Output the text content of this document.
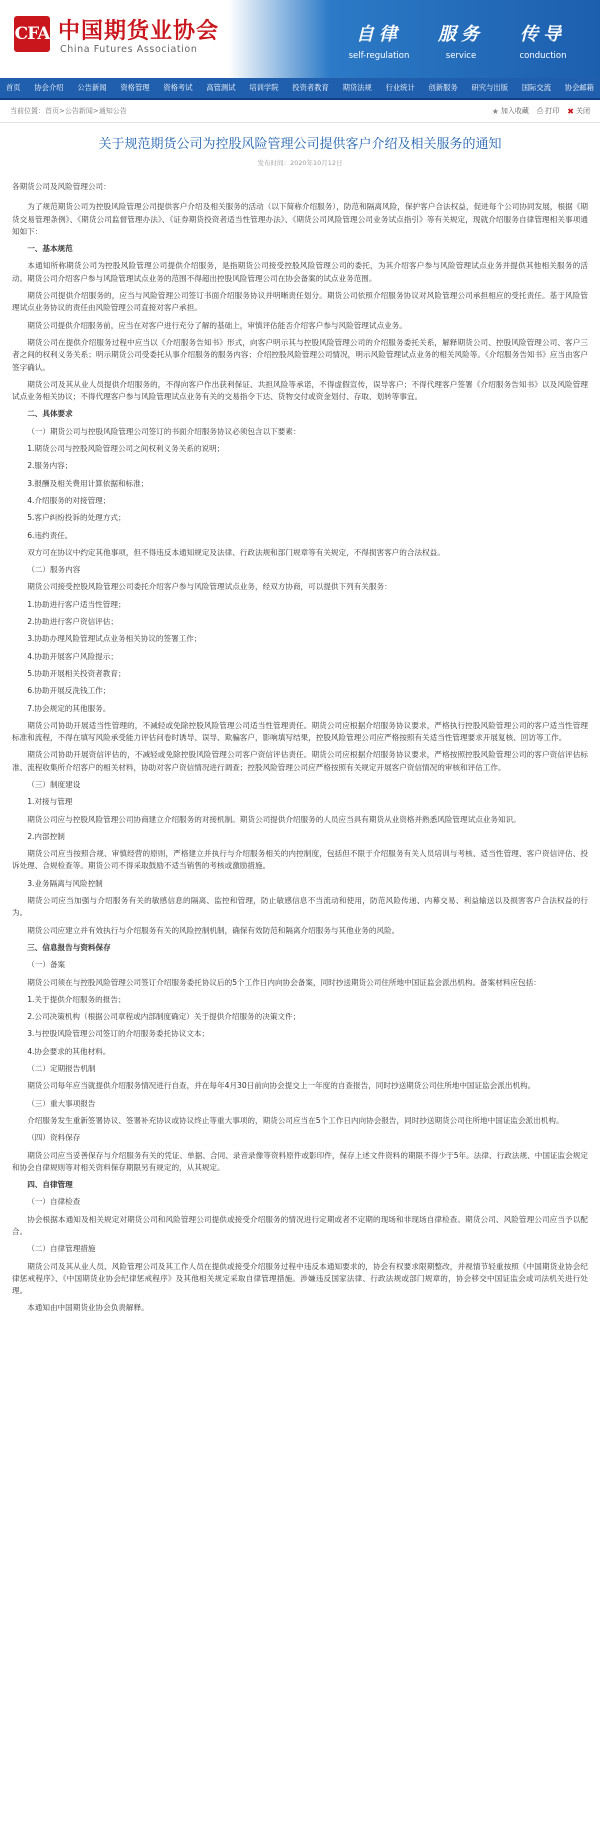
CFA 中国期货业协会
China Futures Association
自律
self-regulation
服务
service
传导
conduction
首页 协会介绍 公告新闻 资格管理 资格考试 高管测试 培训学院 投资者教育 期货法规 行业统计 创新服务 研究与出版 国际交流 协会邮箱
当前位置：首页>公告新闻>通知公告	★ 加入收藏 ⎙ 打印 ✖ 关闭
关于规范期货公司为控股风险管理公司提供客户介绍及相关服务的通知
发布时间：2020年10月12日

各期货公司及风险管理公司：

为了规范期货公司为控股风险管理公司提供客户介绍及相关服务的活动（以下简称介绍服务），防范和隔离风险，保护客户合法权益，促进每个公司协同发展，根据《期货交易管理条例》、《期货公司监督管理办法》、《证券期货投资者适当性管理办法》、《期货公司风险管理公司业务试点指引》等有关规定，现就介绍服务自律管理相关事项通知如下：

一、基本规范

本通知所称期货公司为控股风险管理公司提供介绍服务，是指期货公司接受控股风险管理公司的委托，为其介绍客户参与风险管理试点业务并提供其他相关服务的活动。期货公司介绍客户参与风险管理试点业务的范围不得超出控股风险管理公司在协会备案的试点业务范围。

期货公司提供介绍服务的，应当与风险管理公司签订书面介绍服务协议并明晰责任划分。期货公司依照介绍服务协议对风险管理公司承担相应的受托责任。基于风险管理试点业务协议的责任由风险管理公司直接对客户承担。

期货公司提供介绍服务前，应当在对客户进行充分了解的基础上，审慎评估能否介绍客户参与风险管理试点业务。

期货公司在提供介绍服务过程中应当以《介绍服务告知书》形式，向客户明示其与控股风险管理公司的介绍服务委托关系，解释期货公司、控股风险管理公司、客户三者之间的权利义务关系；明示期货公司受委托从事介绍服务的服务内容；介绍控股风险管理公司情况，明示风险管理试点业务的相关风险等。《介绍服务告知书》应当由客户签字确认。

期货公司及其从业人员提供介绍服务的，不得向客户作出获利保证、共担风险等承诺，不得虚假宣传，误导客户；不得代理客户签署《介绍服务告知书》以及风险管理试点业务相关协议；不得代理客户参与风险管理试点业务有关的交易指令下达、货物交付或资金划付、存取、划转等事宜。

二、具体要求

（一）期货公司与控股风险管理公司签订的书面介绍服务协议必须包含以下要素：

1.期货公司与控股风险管理公司之间权利义务关系的说明；

2.服务内容；

3.报酬及相关费用计算依据和标准；

4.介绍服务的对接管理；

5.客户纠纷投诉的处理方式；

6.违约责任。

双方可在协议中约定其他事项，但不得违反本通知规定及法律、行政法规和部门规章等有关规定，不得损害客户的合法权益。

（二）服务内容

期货公司接受控股风险管理公司委托介绍客户参与风险管理试点业务，经双方协商，可以提供下列有关服务：

1.协助进行客户适当性管理；

2.协助进行客户资信评估；

3.协助办理风险管理试点业务相关协议的签署工作；

4.协助开展客户风险提示；

5.协助开展相关投资者教育；

6.协助开展反洗钱工作；

7.协会规定的其他服务。

期货公司协助开展适当性管理的，不减轻或免除控股风险管理公司适当性管理责任。期货公司应根据介绍服务协议要求，严格执行控股风险管理公司的客户适当性管理标准和流程，不得在填写风险承受能力评估问卷时诱导、误导、欺骗客户，影响填写结果，控股风险管理公司应严格按照有关适当性管理要求开展复核、回访等工作。

期货公司协助开展资信评估的，不减轻或免除控股风险管理公司客户资信评估责任。期货公司应根据介绍服务协议要求，严格按照控股风险管理公司的客户资信评估标准、流程收集所介绍客户的相关材料，协助对客户资信情况进行调查；控股风险管理公司应严格按照有关规定开展客户资信情况的审核和评估工作。

（三）制度建设

1.对接与管理

期货公司应与控股风险管理公司协商建立介绍服务的对接机制。期货公司提供介绍服务的人员应当具有期货从业资格并熟悉风险管理试点业务知识。

2.内部控制

期货公司应当按照合规、审慎经营的原则，严格建立并执行与介绍服务相关的内控制度，包括但不限于介绍服务有关人员培训与考核、适当性管理、客户资信评估、投诉处理、合规检查等。期货公司不得采取鼓励不适当销售的考核或激励措施。

3.业务隔离与风险控制

期货公司应当加强与介绍服务有关的敏感信息的隔离、监控和管理，防止敏感信息不当流动和使用，防范风险传递、内幕交易、利益输送以及损害客户合法权益的行为。

期货公司应建立并有效执行与介绍服务有关的风险控制机制，确保有效防范和隔离介绍服务与其他业务的风险。

三、信息报告与资料保存

（一）备案

期货公司须在与控股风险管理公司签订介绍服务委托协议后的5个工作日内向协会备案，同时抄送期货公司住所地中国证监会派出机构。备案材料应包括：

1.关于提供介绍服务的报告；

2.公司决策机构（根据公司章程或内部制度确定）关于提供介绍服务的决策文件；

3.与控股风险管理公司签订的介绍服务委托协议文本；

4.协会要求的其他材料。

（二）定期报告机制

期货公司每年应当就提供介绍服务情况进行自查，并在每年4月30日前向协会提交上一年度的自查报告，同时抄送期货公司住所地中国证监会派出机构。

（三）重大事项报告

介绍服务发生重新签署协议、签署补充协议或协议终止等重大事项的，期货公司应当在5个工作日内向协会报告，同时抄送期货公司住所地中国证监会派出机构。

（四）资料保存

期货公司应当妥善保存与介绍服务有关的凭证、单据、合同、录音录像等资料原件或影印件，保存上述文件资料的期限不得少于5年。法律、行政法规、中国证监会规定和协会自律规则等对相关资料保存期限另有规定的，从其规定。

四、自律管理

（一）自律检查

协会根据本通知及相关规定对期货公司和风险管理公司提供或接受介绍服务的情况进行定期或者不定期的现场和非现场自律检查。期货公司、风险管理公司应当予以配合。

（二）自律管理措施

期货公司及其从业人员、风险管理公司及其工作人员在提供或接受介绍服务过程中违反本通知要求的，协会有权要求限期整改，并视情节轻重按照《中国期货业协会纪律惩戒程序》、《中国期货业协会纪律惩戒程序》及其他相关规定采取自律管理措施。涉嫌违反国家法律、行政法规或部门规章的，协会移交中国证监会或司法机关进行处理。

本通知由中国期货业协会负责解释。
